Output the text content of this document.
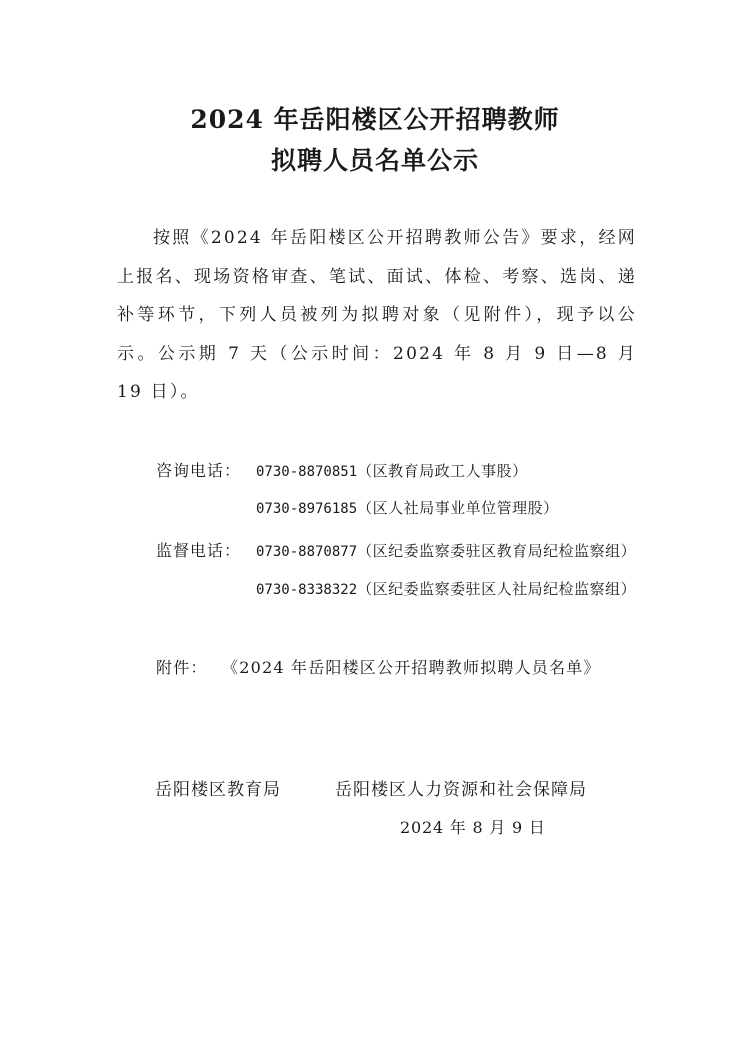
2024 年岳阳楼区公开招聘教师
拟聘人员名单公示

按照《2024 年岳阳楼区公开招聘教师公告》要求，经网上报名、现场资格审查、笔试、面试、体检、考察、选岗、递补等环节，下列人员被列为拟聘对象（见附件），现予以公示。公示期 7 天（公示时间：2024 年 8 月 9 日—8 月 19 日）。

咨询电话： 0730-8870851（区教育局政工人事股）
0730-8976185（区人社局事业单位管理股）
监督电话： 0730-8870877（区纪委监察委驻区教育局纪检监察组）
0730-8338322（区纪委监察委驻区人社局纪检监察组）
附件： 《2024 年岳阳楼区公开招聘教师拟聘人员名单》
岳阳楼区教育局	岳阳楼区人力资源和社会保障局
2024 年 8 月 9 日
